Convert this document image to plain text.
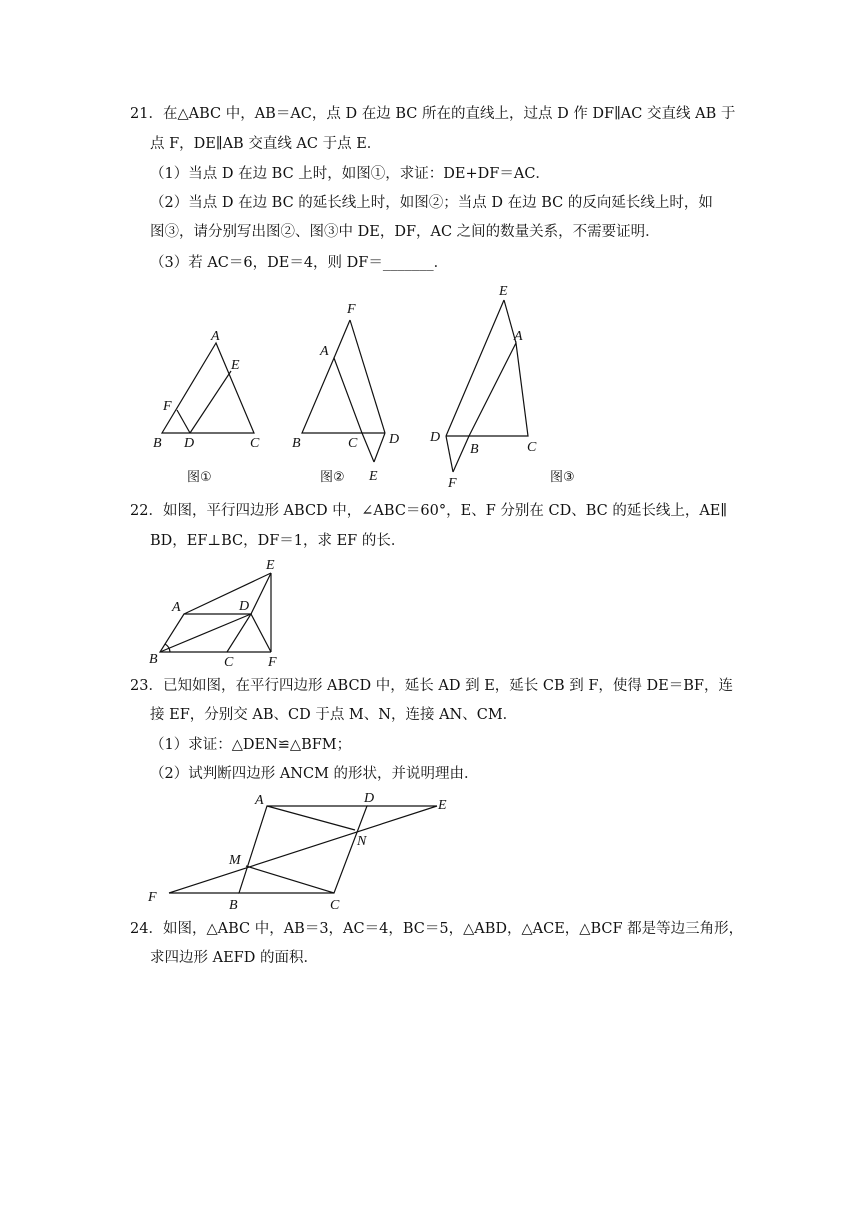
21．在△ABC 中，AB＝AC，点 D 在边 BC 所在的直线上，过点 D 作 DF∥AC 交直线 AB 于
点 F，DE∥AB 交直线 AC 于点 E．
（1）当点 D 在边 BC 上时，如图①，求证：DE+DF＝AC．
（2）当点 D 在边 BC 的延长线上时，如图②；当点 D 在边 BC 的反向延长线上时，如
图③，请分别写出图②、图③中 DE，DF，AC 之间的数量关系，不需要证明．
（3）若 AC＝6，DE＝4，则 DF＝_______．
A
E
F
B D	C
图①
F
A
B	C D
E
图②
E
A
D
B	C
F	图③
22．如图，平行四边形 ABCD 中，∠ABC＝60°，E、F 分别在 CD、BC 的延长线上，AE∥
BD，EF⊥BC，DF＝1，求 EF 的长．
E
A	D
B	C F
23．已知如图，在平行四边形 ABCD 中，延长 AD 到 E，延长 CB 到 F，使得 DE＝BF，连
接 EF，分别交 AB、CD 于点 M、N，连接 AN、CM．
（1）求证：△DEN≌△BFM；
（2）试判断四边形 ANCM 的形状，并说明理由．
A	D	E
N
M
F
B	C
24．如图，△ABC 中，AB＝3，AC＝4，BC＝5，△ABD，△ACE，△BCF 都是等边三角形，
求四边形 AEFD 的面积．
